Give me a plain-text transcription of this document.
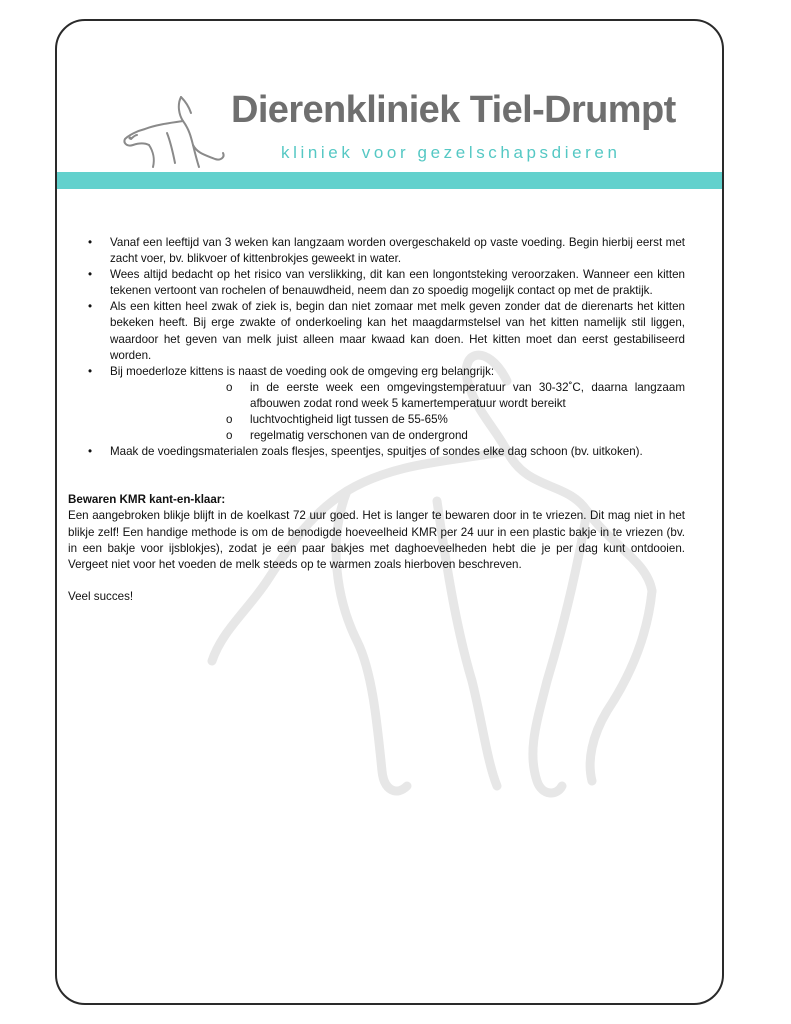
Dierenkliniek Tiel-Drumpt
kliniek voor gezelschapsdieren
• Vanaf een leeftijd van 3 weken kan langzaam worden overgeschakeld op vaste voeding. Begin hierbij eerst met zacht voer, bv. blikvoer of kittenbrokjes geweekt in water.
• Wees altijd bedacht op het risico van verslikking, dit kan een longontsteking veroorzaken. Wanneer een kitten tekenen vertoont van rochelen of benauwdheid, neem dan zo spoedig mogelijk contact op met de praktijk.
• Als een kitten heel zwak of ziek is, begin dan niet zomaar met melk geven zonder dat de dierenarts het kitten bekeken heeft. Bij erge zwakte of onderkoeling kan het maagdarmstelsel van het kitten namelijk stil liggen, waardoor het geven van melk juist alleen maar kwaad kan doen. Het kitten moet dan eerst gestabiliseerd worden.
• Bij moederloze kittens is naast de voeding ook de omgeving erg belangrijk:
o in de eerste week een omgevingstemperatuur van 30-32˚C, daarna langzaam afbouwen zodat rond week 5 kamertemperatuur wordt bereikt
o luchtvochtigheid ligt tussen de 55-65%
o regelmatig verschonen van de ondergrond
• Maak de voedingsmaterialen zoals flesjes, speentjes, spuitjes of sondes elke dag schoon (bv. uitkoken).

Bewaren KMR kant-en-klaar:

Een aangebroken blikje blijft in de koelkast 72 uur goed. Het is langer te bewaren door in te vriezen. Dit mag niet in het blikje zelf! Een handige methode is om de benodigde hoeveelheid KMR per 24 uur in een plastic bakje in te vriezen (bv. in een bakje voor ijsblokjes), zodat je een paar bakjes met daghoeveelheden hebt die je per dag kunt ontdooien. Vergeet niet voor het voeden de melk steeds op te warmen zoals hierboven beschreven.

Veel succes!
